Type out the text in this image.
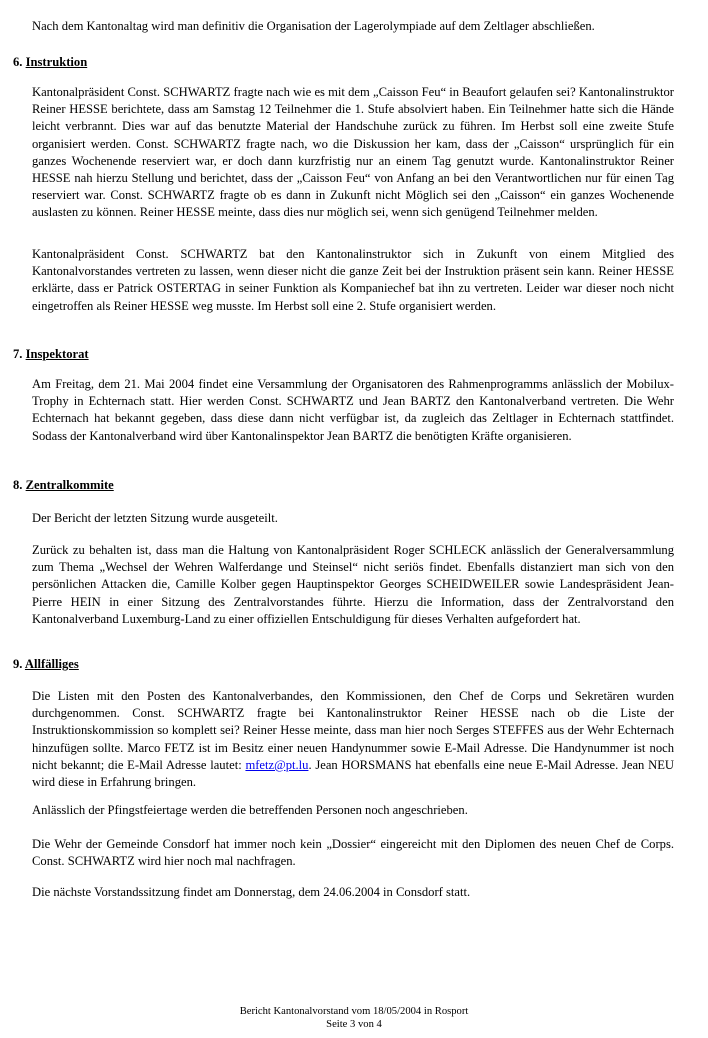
Nach dem Kantonaltag wird man definitiv die Organisation der Lagerolympiade auf dem Zeltlager abschließen.

6. Instruktion

Kantonalpräsident Const. SCHWARTZ fragte nach wie es mit dem „Caisson Feu“ in Beaufort gelaufen sei? Kantonalinstruktor Reiner HESSE berichtete, dass am Samstag 12 Teilnehmer die 1. Stufe absolviert haben. Ein Teilnehmer hatte sich die Hände leicht verbrannt. Dies war auf das benutzte Material der Handschuhe zurück zu führen. Im Herbst soll eine zweite Stufe organisiert werden. Const. SCHWARTZ fragte nach, wo die Diskussion her kam, dass der „Caisson“ ursprünglich für ein ganzes Wochenende reserviert war, er doch dann kurzfristig nur an einem Tag genutzt wurde. Kantonalinstruktor Reiner HESSE nah hierzu Stellung und berichtet, dass der „Caisson Feu“ von Anfang an bei den Verantwortlichen nur für einen Tag reserviert war. Const. SCHWARTZ fragte ob es dann in Zukunft nicht Möglich sei den „Caisson“ ein ganzes Wochenende auslasten zu können. Reiner HESSE meinte, dass dies nur möglich sei, wenn sich genügend Teilnehmer melden.

Kantonalpräsident Const. SCHWARTZ bat den Kantonalinstruktor sich in Zukunft von einem Mitglied des Kantonalvorstandes vertreten zu lassen, wenn dieser nicht die ganze Zeit bei der Instruktion präsent sein kann. Reiner HESSE erklärte, dass er Patrick OSTERTAG in seiner Funktion als Kompaniechef bat ihn zu vertreten. Leider war dieser noch nicht eingetroffen als Reiner HESSE weg musste. Im Herbst soll eine 2. Stufe organisiert werden.

7. Inspektorat

Am Freitag, dem 21. Mai 2004 findet eine Versammlung der Organisatoren des Rahmenprogramms anlässlich der Mobilux-Trophy in Echternach statt. Hier werden Const. SCHWARTZ und Jean BARTZ den Kantonalverband vertreten. Die Wehr Echternach hat bekannt gegeben, dass diese dann nicht verfügbar ist, da zugleich das Zeltlager in Echternach stattfindet. Sodass der Kantonalverband wird über Kantonalinspektor Jean BARTZ die benötigten Kräfte organisieren.

8. Zentralkommite

Der Bericht der letzten Sitzung wurde ausgeteilt.

Zurück zu behalten ist, dass man die Haltung von Kantonalpräsident Roger SCHLECK anlässlich der Generalversammlung zum Thema „Wechsel der Wehren Walferdange und Steinsel“ nicht seriös findet. Ebenfalls distanziert man sich von den persönlichen Attacken die, Camille Kolber gegen Hauptinspektor Georges SCHEIDWEILER sowie Landespräsident Jean-Pierre HEIN in einer Sitzung des Zentralvorstandes führte. Hierzu die Information, dass der Zentralvorstand den Kantonalverband Luxemburg-Land zu einer offiziellen Entschuldigung für dieses Verhalten aufgefordert hat.

9. Allfälliges

Die Listen mit den Posten des Kantonalverbandes, den Kommissionen, den Chef de Corps und Sekretären wurden durchgenommen. Const. SCHWARTZ fragte bei Kantonalinstruktor Reiner HESSE nach ob die Liste der Instruktionskommission so komplett sei? Reiner Hesse meinte, dass man hier noch Serges STEFFES aus der Wehr Echternach hinzufügen sollte. Marco FETZ ist im Besitz einer neuen Handynummer sowie E-Mail Adresse. Die Handynummer ist noch nicht bekannt; die E-Mail Adresse lautet: mfetz@pt.lu. Jean HORSMANS hat ebenfalls eine neue E-Mail Adresse. Jean NEU wird diese in Erfahrung bringen.

Anlässlich der Pfingstfeiertage werden die betreffenden Personen noch angeschrieben.

Die Wehr der Gemeinde Consdorf hat immer noch kein „Dossier“ eingereicht mit den Diplomen des neuen Chef de Corps. Const. SCHWARTZ wird hier noch mal nachfragen.

Die nächste Vorstandssitzung findet am Donnerstag, dem 24.06.2004 in Consdorf statt.

Bericht Kantonalvorstand vom 18/05/2004 in Rosport
Seite 3 von 4
